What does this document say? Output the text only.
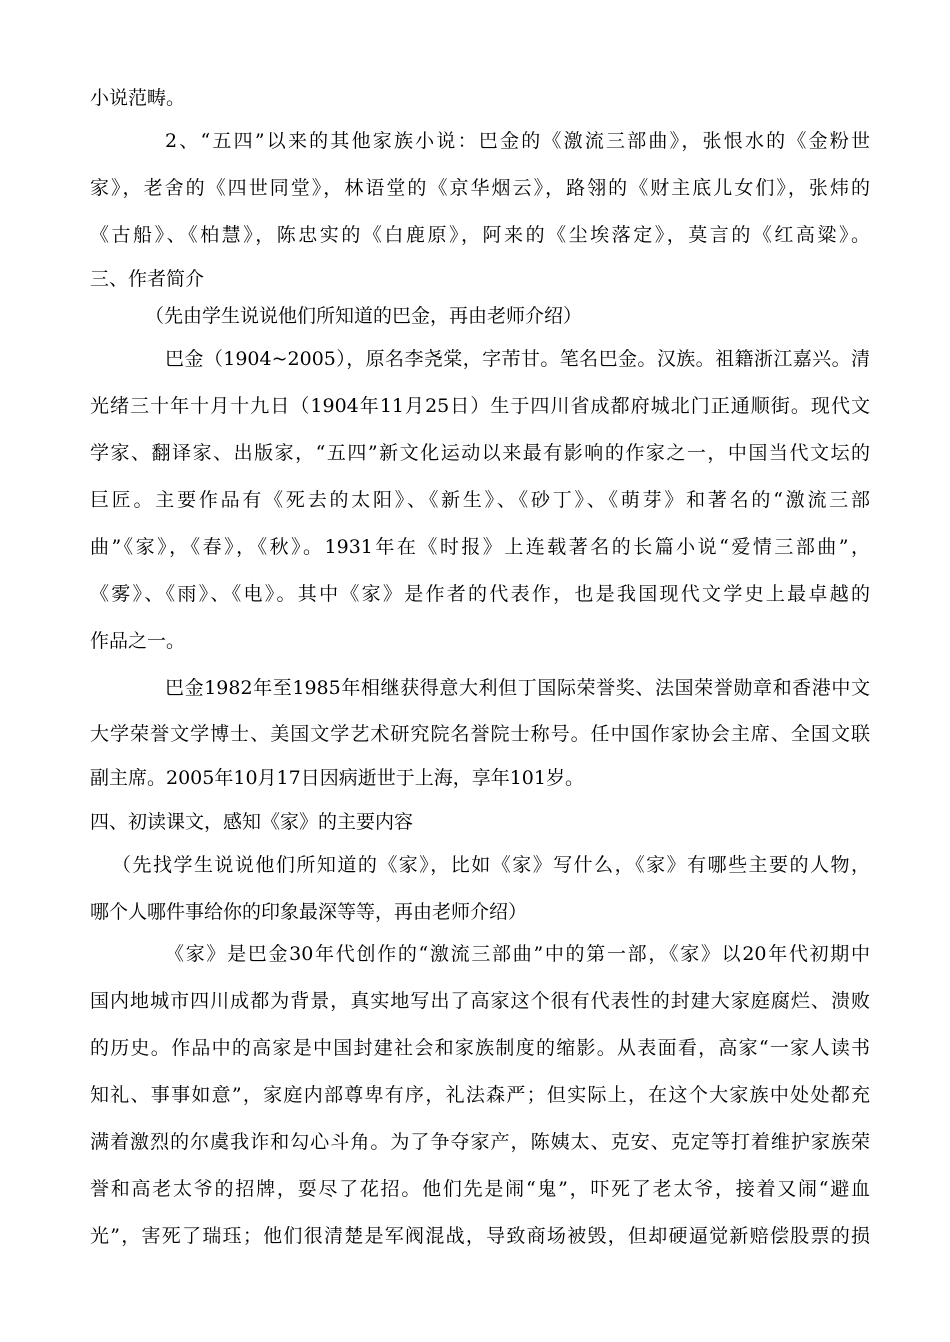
小说范畴。

2、“五四”以来的其他家族小说：巴金的《激流三部曲》，张恨水的《金粉世

家》，老舍的《四世同堂》，林语堂的《京华烟云》，路翎的《财主底儿女们》，张炜的

《古船》、《柏慧》，陈忠实的《白鹿原》，阿来的《尘埃落定》，莫言的《红高粱》。

三、作者简介

（先由学生说说他们所知道的巴金，再由老师介绍）

巴金（1904~2005），原名李尧棠，字芾甘。笔名巴金。汉族。祖籍浙江嘉兴。清

光绪三十年十月十九日（1904年11月25日）生于四川省成都府城北门正通顺街。现代文

学家、翻译家、出版家，“五四”新文化运动以来最有影响的作家之一，中国当代文坛的

巨匠。主要作品有《死去的太阳》、《新生》、《砂丁》、《萌芽》和著名的“激流三部

曲”《家》，《春》，《秋》。1931年在《时报》上连载著名的长篇小说“爱情三部曲”，

《雾》、《雨》、《电》。其中《家》是作者的代表作，也是我国现代文学史上最卓越的

作品之一。

巴金1982年至1985年相继获得意大利但丁国际荣誉奖、法国荣誉勋章和香港中文

大学荣誉文学博士、美国文学艺术研究院名誉院士称号。任中国作家协会主席、全国文联

副主席。2005年10月17日因病逝世于上海，享年101岁。

四、初读课文，感知《家》的主要内容

（先找学生说说他们所知道的《家》，比如《家》写什么，《家》有哪些主要的人物，

哪个人哪件事给你的印象最深等等，再由老师介绍）

《家》是巴金30年代创作的“激流三部曲”中的第一部，《家》以20年代初期中

国内地城市四川成都为背景，真实地写出了高家这个很有代表性的封建大家庭腐烂、溃败

的历史。作品中的高家是中国封建社会和家族制度的缩影。从表面看，高家“一家人读书

知礼、事事如意”，家庭内部尊卑有序，礼法森严；但实际上，在这个大家族中处处都充

满着激烈的尔虞我诈和勾心斗角。为了争夺家产，陈姨太、克安、克定等打着维护家族荣

誉和高老太爷的招牌，耍尽了花招。他们先是闹“鬼”，吓死了老太爷，接着又闹“避血

光”，害死了瑞珏；他们很清楚是军阀混战，导致商场被毁，但却硬逼觉新赔偿股票的损
